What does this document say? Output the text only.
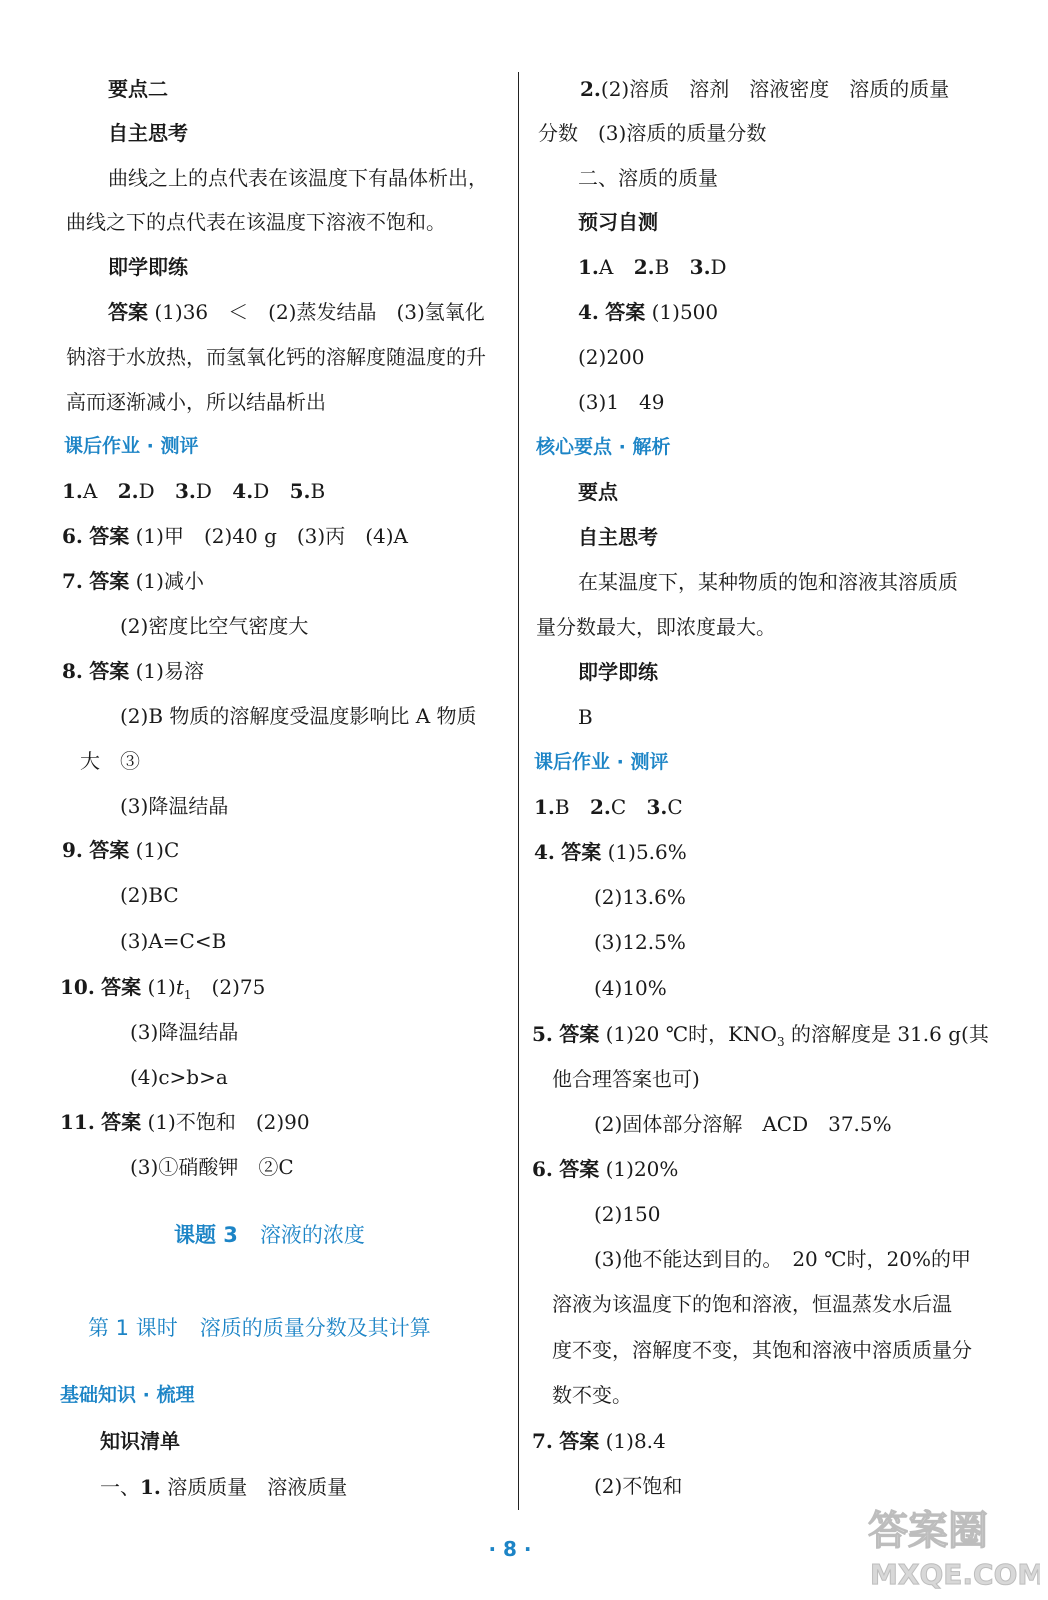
要点二
自主思考
曲线之上的点代表在该温度下有晶体析出，
曲线之下的点代表在该温度下溶液不饱和。
即学即练
答案 (1)36　＜　(2)蒸发结晶　(3)氢氧化
钠溶于水放热，而氢氧化钙的溶解度随温度的升
高而逐渐减小，所以结晶析出
课后作业 · 测评
1.A 2.D 3.D 4.D 5.B
6. 答案 (1)甲　(2)40 g　(3)丙　(4)A
7. 答案 (1)减小
(2)密度比空气密度大
8. 答案 (1)易溶
(2)B 物质的溶解度受温度影响比 A 物质
大　③
(3)降温结晶
9. 答案 (1)C
(2)BC
(3)A=C<B
10. 答案 $(1)t_1$　(2)75
(3)降温结晶
(4)c>b>a
11. 答案 (1)不饱和　(2)90
(3)①硝酸钾　②C
课题 3 溶液的浓度
第 1 课时 溶质的质量分数及其计算
基础知识 · 梳理
知识清单
一、1. 溶质质量　溶液质量
2.(2)溶质　溶剂　溶液密度　溶质的质量
分数　(3)溶质的质量分数
二、溶质的质量
预习自测
1.A 2.B 3.D
4. 答案 (1)500
(2)200
(3)1　49
核心要点 · 解析
要点
自主思考
在某温度下，某种物质的饱和溶液其溶质质
量分数最大，即浓度最大。
即学即练
B
课后作业 · 测评
1.B 2.C 3.C
4. 答案 (1)5.6%
(2)13.6%
(3)12.5%
(4)10%
5. 答案 (1)20 ℃时，$KNO_3$ 的溶解度是 31.6 g(其
他合理答案也可)
(2)固体部分溶解　ACD　37.5%
6. 答案 (1)20%
(2)150
(3)他不能达到目的。　20 ℃时，20%的甲
溶液为该温度下的饱和溶液，恒温蒸发水后温
度不变，溶解度不变，其饱和溶液中溶质质量分
数不变。
7. 答案 (1)8.4
(2)不饱和
· 8 ·	答案圈
MXQE.COM
